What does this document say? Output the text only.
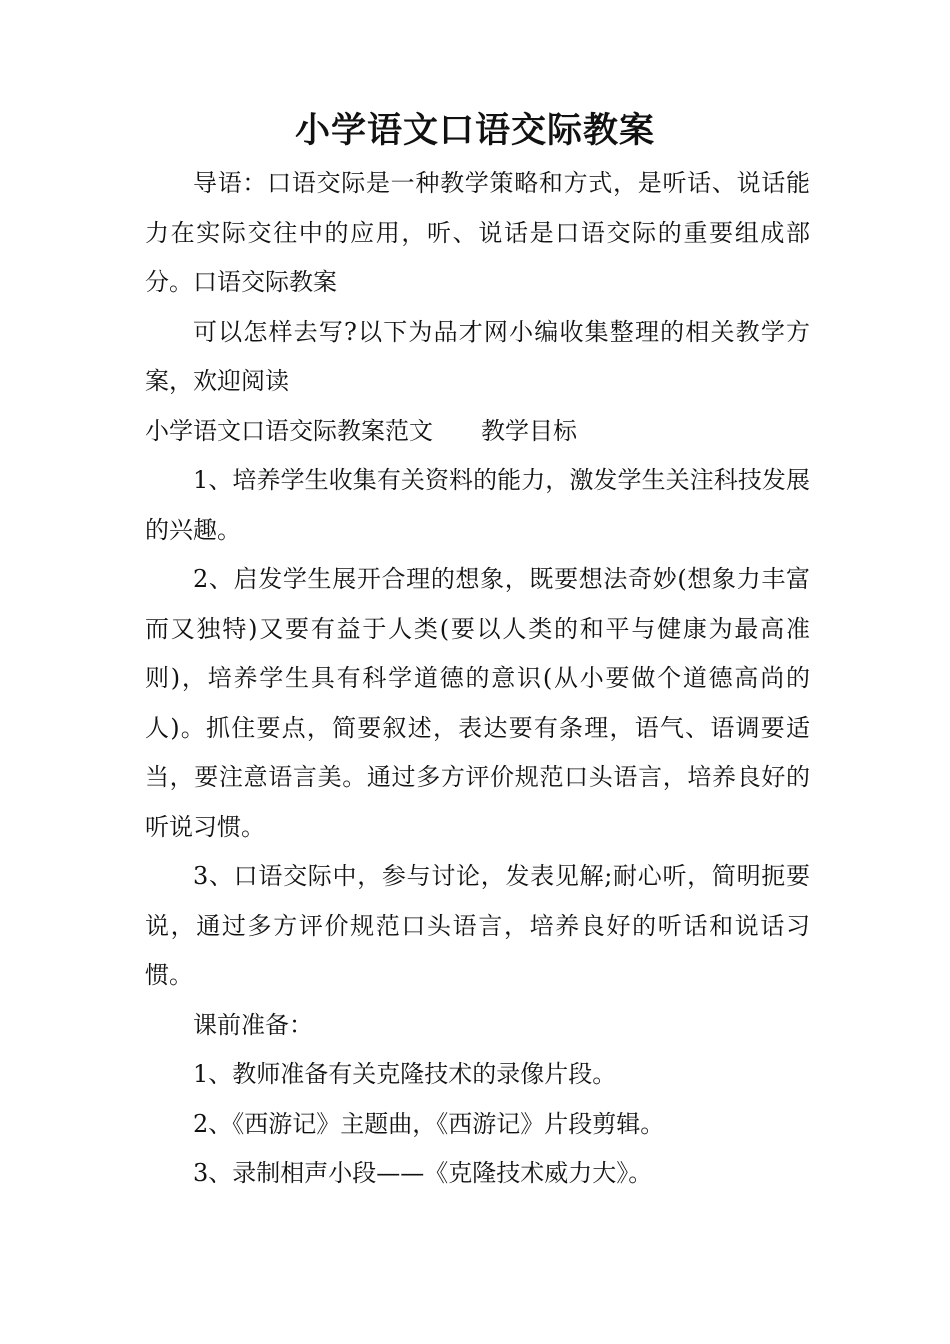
小学语文口语交际教案

导语：口语交际是一种教学策略和方式，是听话、说话能力在实际交往中的应用，听、说话是口语交际的重要组成部分。口语交际教案

可以怎样去写?以下为品才网小编收集整理的相关教学方案，欢迎阅读

小学语文口语交际教案范文 教学目标

1、培养学生收集有关资料的能力，激发学生关注科技发展的兴趣。

2、启发学生展开合理的想象，既要想法奇妙(想象力丰富而又独特)又要有益于人类(要以人类的和平与健康为最高准则)，培养学生具有科学道德的意识(从小要做个道德高尚的人)。抓住要点，简要叙述，表达要有条理，语气、语调要适当，要注意语言美。通过多方评价规范口头语言，培养良好的听说习惯。

3、口语交际中，参与讨论，发表见解;耐心听，简明扼要说，通过多方评价规范口头语言，培养良好的听话和说话习惯。

课前准备：

1、教师准备有关克隆技术的录像片段。

2、《西游记》主题曲，《西游记》片段剪辑。

3、录制相声小段——《克隆技术威力大》。
